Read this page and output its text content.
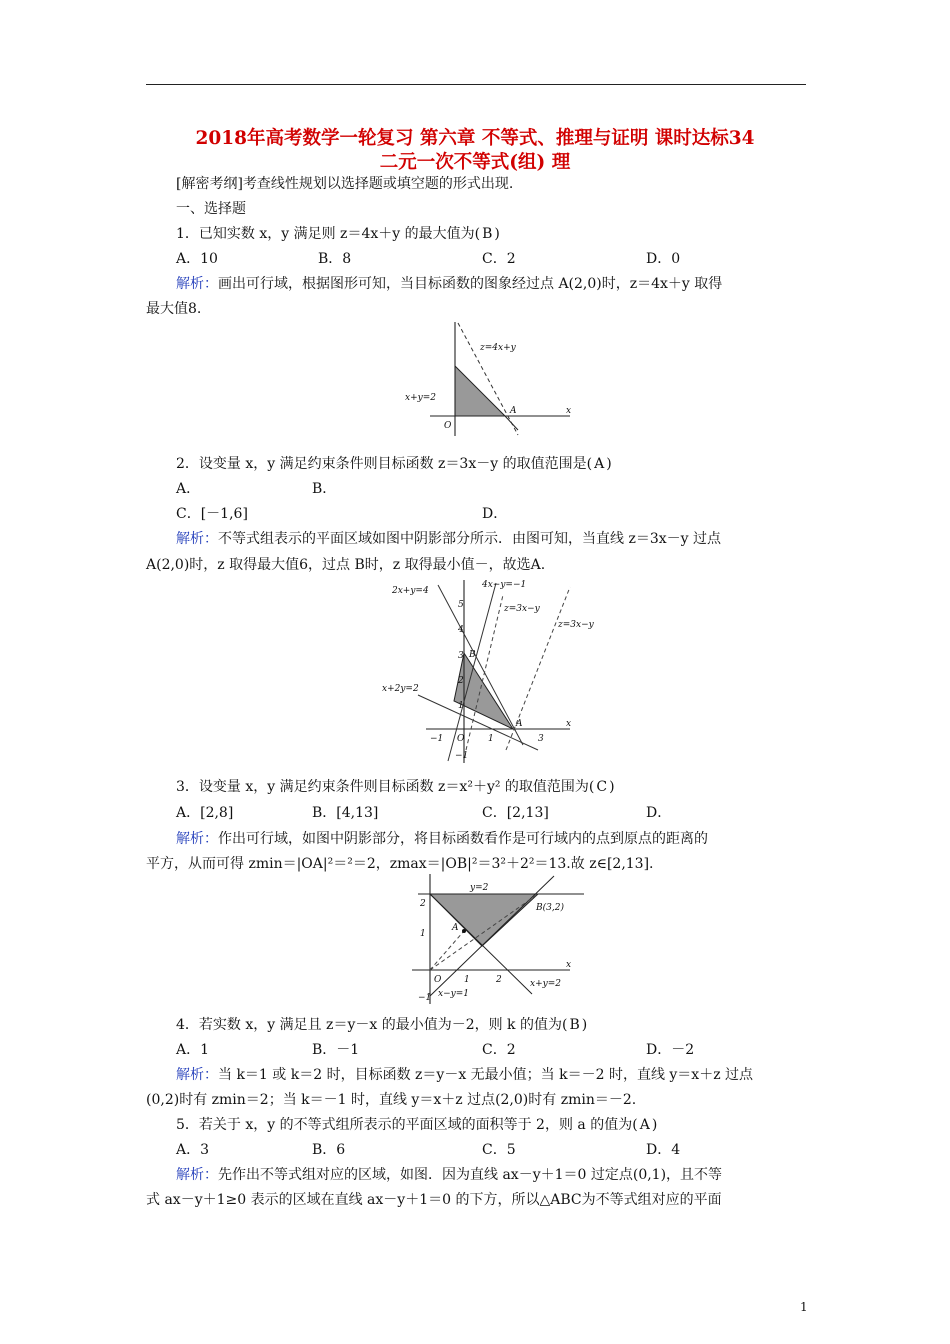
2018年高考数学一轮复习 第六章 不等式、推理与证明 课时达标34
二元一次不等式(组) 理
[解密考纲]考查线性规划以选择题或填空题的形式出现.
一、选择题
1．已知实数 x，y 满足则 z＝4x＋y 的最大值为( B )
A．10	B．8	C．2	D．0
解析：画出可行域，根据图形可知，当目标函数的图象经过点 A(2,0)时，z＝4x＋y 取得
最大值8.
z=4x+y
x+y=2
O
A	x
2．设变量 x，y 满足约束条件则目标函数 z＝3x－y 的取值范围是( A )
A．	B．
C．[－1,6]	D．
解析：不等式组表示的平面区域如图中阴影部分所示．由图可知，当直线 z＝3x－y 过点
A(2,0)时，z 取得最大值6，过点 B时，z 取得最小值－，故选A.
2x+y=4
4x−y=−1
z=3x−y
z=3x−y
5
4
3
2
1
B
x+2y=2
−1 O	1
A
3
x
−1
3．设变量 x，y 满足约束条件则目标函数 z＝x²＋y² 的取值范围为( C )
A．[2,8]	B．[4,13]	C．[2,13]	D．
解析：作出可行域，如图中阴影部分，将目标函数看作是可行域内的点到原点的距离的
平方，从而可得 zmin＝|OA|²＝²＝2，zmax＝|OB|²＝3²＋2²＝13.故 z∈[2,13].
y=2
2	B(3,2)
1
A
O	1	2
x
−1 x−y=1
x+y=2
4．若实数 x，y 满足且 z＝y－x 的最小值为－2，则 k 的值为( B )
A．1	B．－1	C．2	D．－2
解析：当 k＝1 或 k＝2 时，目标函数 z＝y－x 无最小值；当 k＝－2 时，直线 y＝x＋z 过点
(0,2)时有 zmin＝2；当 k＝－1 时，直线 y＝x＋z 过点(2,0)时有 zmin＝－2.
5．若关于 x，y 的不等式组所表示的平面区域的面积等于 2，则 a 的值为( A )
A．3	B．6	C．5	D．4
解析：先作出不等式组对应的区域，如图．因为直线 ax－y＋1＝0 过定点(0,1)，且不等
式 ax－y＋1≥0 表示的区域在直线 ax－y＋1＝0 的下方，所以△ABC为不等式组对应的平面
1
